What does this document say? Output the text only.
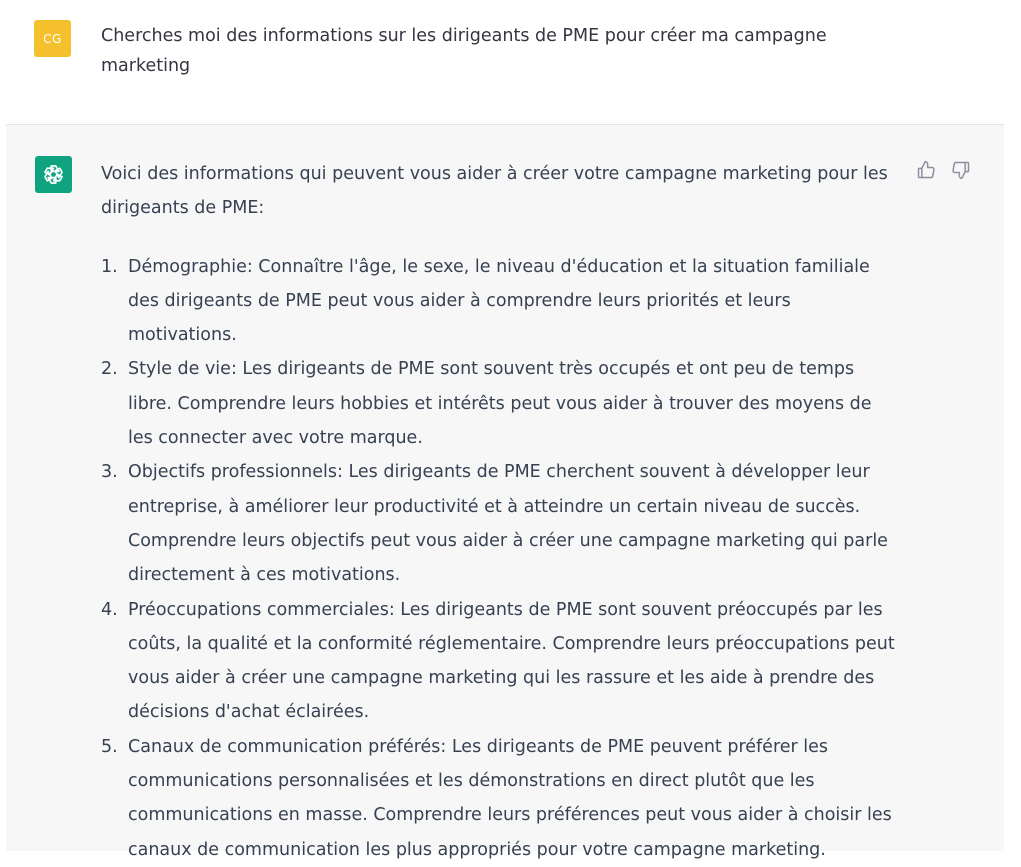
CG Cherches moi des informations sur les dirigeants de PME pour créer ma campagne marketing

Voici des informations qui peuvent vous aider à créer votre campagne marketing pour les dirigeants de PME:

1. Démographie: Connaître l'âge, le sexe, le niveau d'éducation et la situation familiale des dirigeants de PME peut vous aider à comprendre leurs priorités et leurs motivations.
2. Style de vie: Les dirigeants de PME sont souvent très occupés et ont peu de temps libre. Comprendre leurs hobbies et intérêts peut vous aider à trouver des moyens de les connecter avec votre marque.
3. Objectifs professionnels: Les dirigeants de PME cherchent souvent à développer leur entreprise, à améliorer leur productivité et à atteindre un certain niveau de succès. Comprendre leurs objectifs peut vous aider à créer une campagne marketing qui parle directement à ces motivations.
4. Préoccupations commerciales: Les dirigeants de PME sont souvent préoccupés par les coûts, la qualité et la conformité réglementaire. Comprendre leurs préoccupations peut vous aider à créer une campagne marketing qui les rassure et les aide à prendre des décisions d'achat éclairées.
5. Canaux de communication préférés: Les dirigeants de PME peuvent préférer les communications personnalisées et les démonstrations en direct plutôt que les communications en masse. Comprendre leurs préférences peut vous aider à choisir les canaux de communication les plus appropriés pour votre campagne marketing.
